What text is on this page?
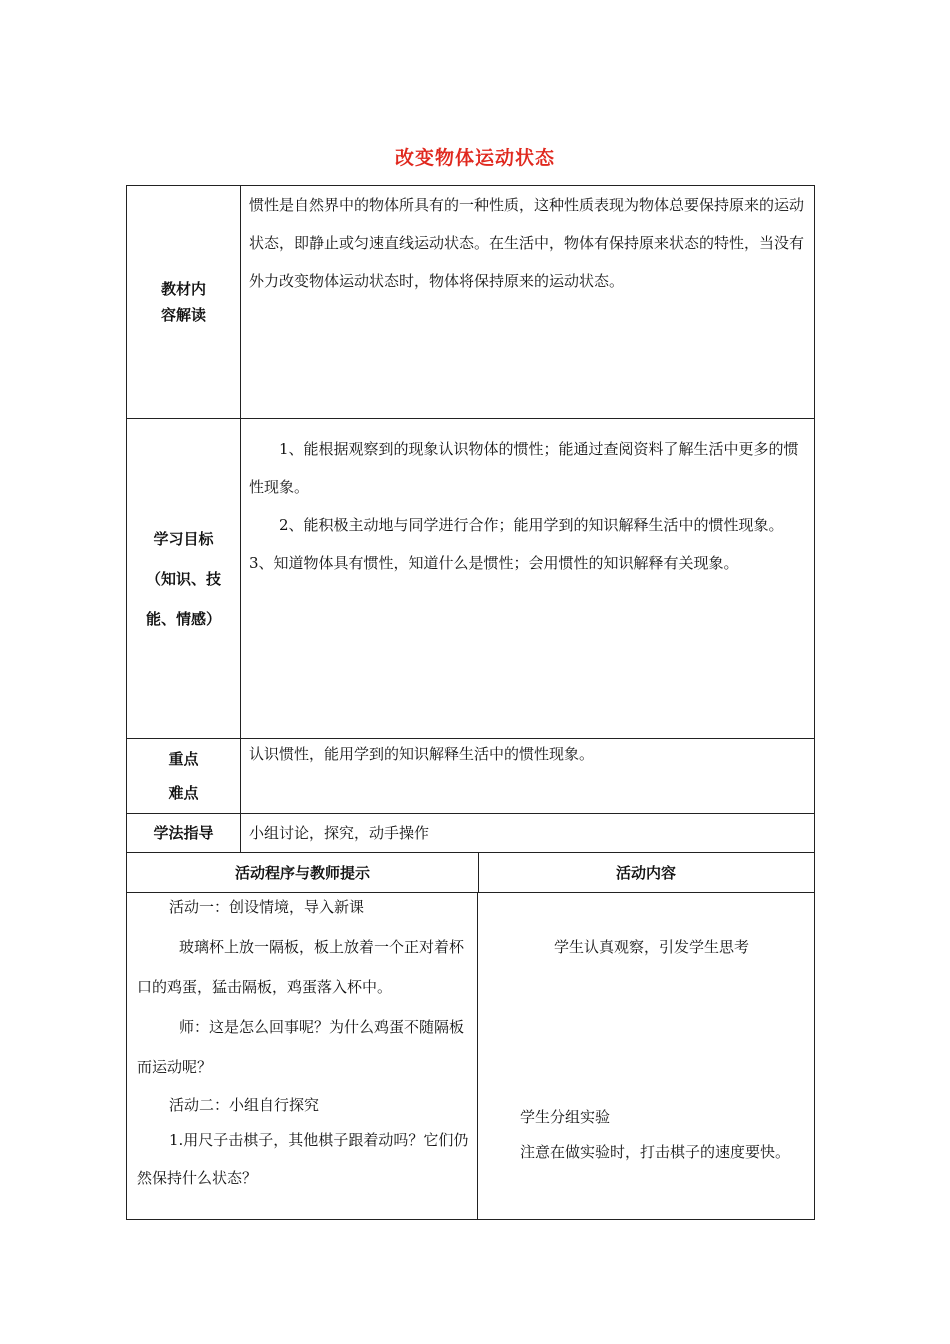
改变物体运动状态
教材内
容解读

惯性是自然界中的物体所具有的一种性质，这种性质表现为物体总要保持原来的运动状态，即静止或匀速直线运动状态。在生活中，物体有保持原来状态的特性，当没有外力改变物体运动状态时，物体将保持原来的运动状态。

学习目标
（知识、技
能、情感）

1、能根据观察到的现象认识物体的惯性；能通过查阅资料了解生活中更多的惯性现象。

2、能积极主动地与同学进行合作；能用学到的知识解释生活中的惯性现象。

3、知道物体具有惯性，知道什么是惯性；会用惯性的知识解释有关现象。

重点
难点

认识惯性，能用学到的知识解释生活中的惯性现象。

学法指导 小组讨论，探究，动手操作

活动程序与教师提示	活动内容

活动一：创设情境，导入新课

玻璃杯上放一隔板，板上放着一个正对着杯口的鸡蛋，猛击隔板，鸡蛋落入杯中。

师：这是怎么回事呢？为什么鸡蛋不随隔板而运动呢？

活动二：小组自行探究

1.用尺子击棋子，其他棋子跟着动吗？它们仍然保持什么状态？

学生认真观察，引发学生思考

学生分组实验

注意在做实验时，打击棋子的速度要快。
